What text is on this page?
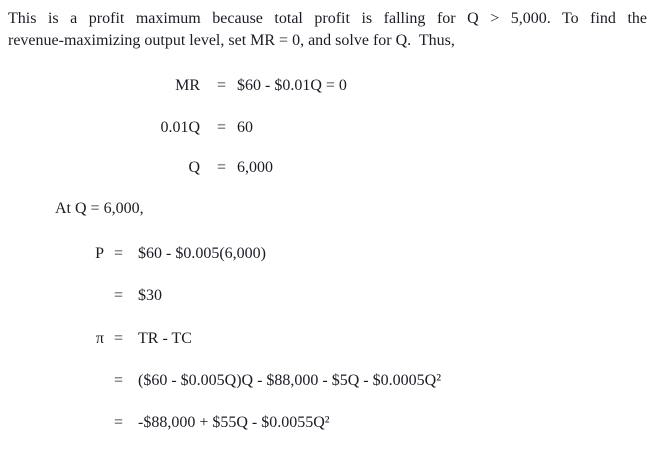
This is a profit maximum because total profit is falling for Q > 5,000. To find the
revenue-maximizing output level, set MR = 0, and solve for Q.  Thus,

MR

=

$60 - $0.01Q = 0

0.01Q

=

60

Q

=

6,000

At Q = 6,000,

P

=

$60 - $0.005(6,000)

=

$30

π

=

TR - TC

=

($60 - $0.005Q)Q - $88,000 - $5Q - $0.0005Q²

=

-$88,000 + $55Q - $0.0055Q²
